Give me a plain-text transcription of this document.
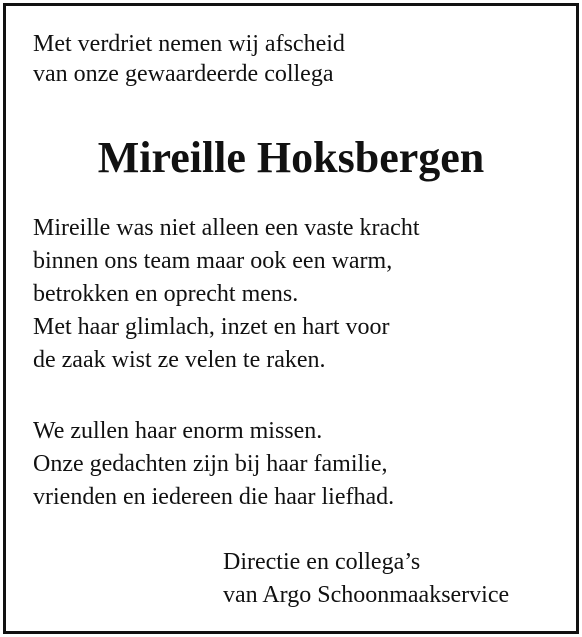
Met verdriet nemen wij afscheid
van onze gewaardeerde collega

Mireille Hoksbergen

Mireille was niet alleen een vaste kracht
binnen ons team maar ook een warm,
betrokken en oprecht mens.
Met haar glimlach, inzet en hart voor
de zaak wist ze velen te raken.

We zullen haar enorm missen.
Onze gedachten zijn bij haar familie,
vrienden en iedereen die haar liefhad.

Directie en collega’s
van Argo Schoonmaakservice
